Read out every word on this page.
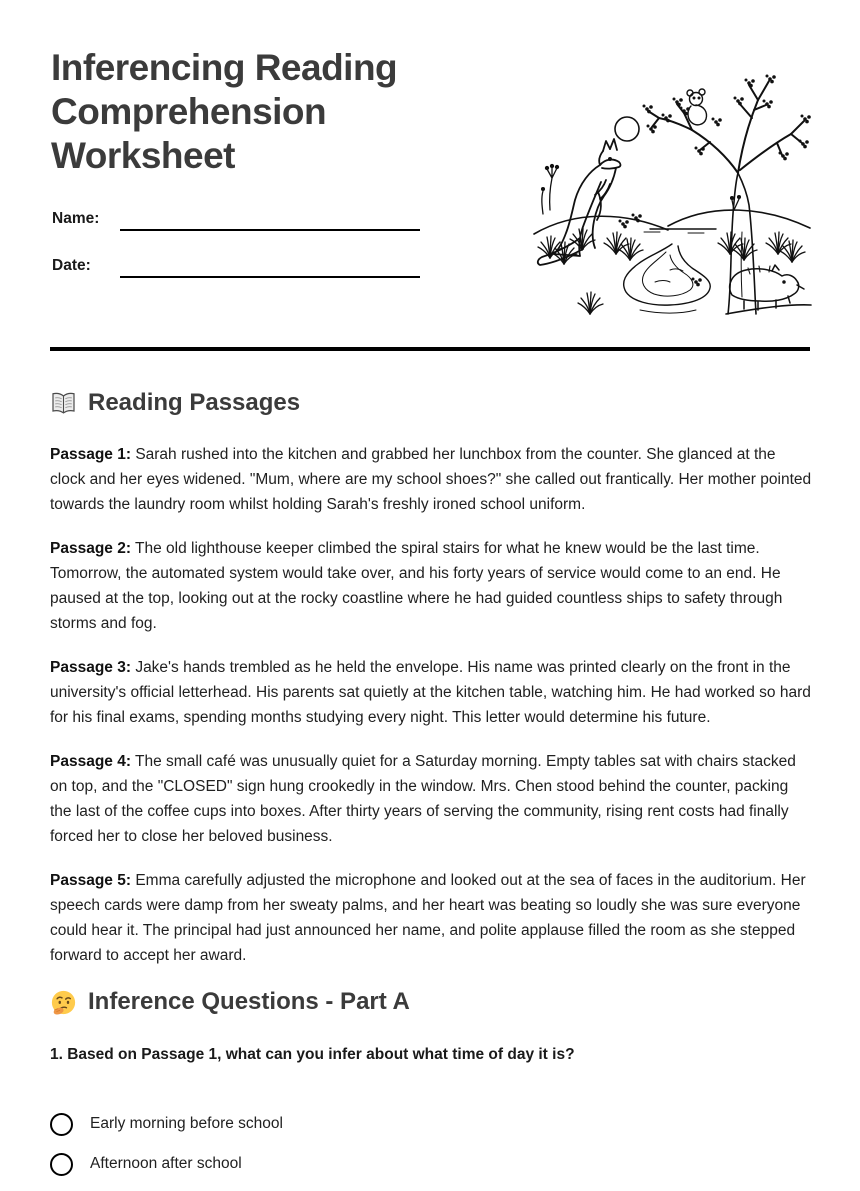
Inferencing Reading Comprehension Worksheet
Name:
Date:
Reading Passages

Passage 1: Sarah rushed into the kitchen and grabbed her lunchbox from the counter. She glanced at the clock and her eyes widened. "Mum, where are my school shoes?" she called out frantically. Her mother pointed towards the laundry room whilst holding Sarah's freshly ironed school uniform.

Passage 2: The old lighthouse keeper climbed the spiral stairs for what he knew would be the last time. Tomorrow, the automated system would take over, and his forty years of service would come to an end. He paused at the top, looking out at the rocky coastline where he had guided countless ships to safety through storms and fog.

Passage 3: Jake's hands trembled as he held the envelope. His name was printed clearly on the front in the university's official letterhead. His parents sat quietly at the kitchen table, watching him. He had worked so hard for his final exams, spending months studying every night. This letter would determine his future.

Passage 4: The small café was unusually quiet for a Saturday morning. Empty tables sat with chairs stacked on top, and the "CLOSED" sign hung crookedly in the window. Mrs. Chen stood behind the counter, packing the last of the coffee cups into boxes. After thirty years of serving the community, rising rent costs had finally forced her to close her beloved business.

Passage 5: Emma carefully adjusted the microphone and looked out at the sea of faces in the auditorium. Her speech cards were damp from her sweaty palms, and her heart was beating so loudly she was sure everyone could hear it. The principal had just announced her name, and polite applause filled the room as she stepped forward to accept her award.

Inference Questions - Part A

1. Based on Passage 1, what can you infer about what time of day it is?

Early morning before school
Afternoon after school
